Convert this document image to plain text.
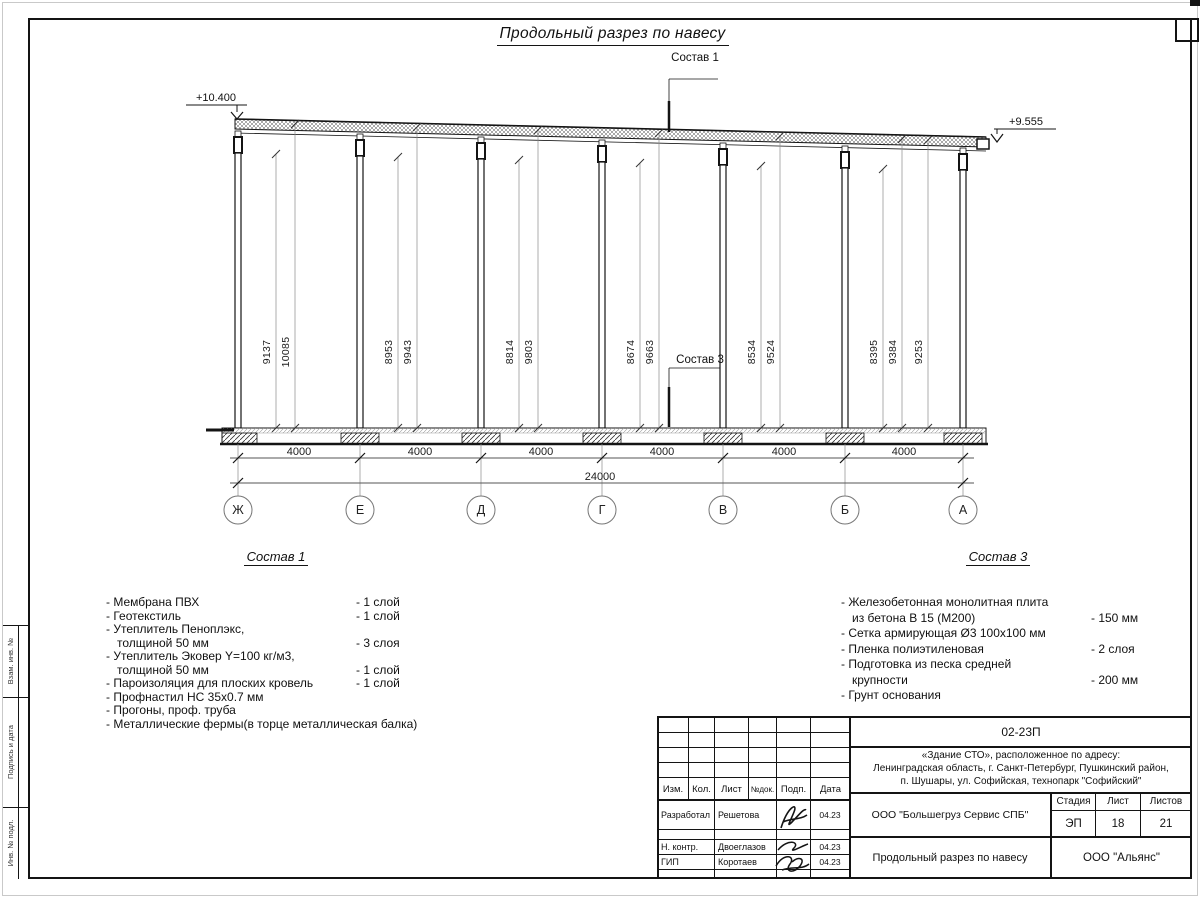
Продольный разрез по навесу
Состав 1
Состав 3
+10.400
+9.555
9137 10085	8953 9943	8814 9803	8674 9663	8534 9524	8395 9384 9253
4000	4000	4000	4000	4000	4000
24000
Ж	Е	Д	Г	В	Б	А
Состав 1
- Мембрана ПВХ	- 1 слой
- Геотекстиль	- 1 слой
- Утеплитель Пеноплэкс,
толщиной 50 мм	- 3 слоя
- Утеплитель Эковер Y=100 кг/м3,
толщиной 50 мм	- 1 слой
- Пароизоляция для плоских кровель	- 1 слой
- Профнастил НС 35х0.7 мм
- Прогоны, проф. труба
- Металлические фермы(в торце металлическая балка)
Состав 3
- Железобетонная монолитная плита
из бетона В 15 (М200)	- 150 мм
- Сетка армирующая Ø3 100х100 мм
- Пленка полиэтиленовая	- 2 слоя
- Подготовка из песка средней
крупности	- 200 мм
- Грунт основания
Взам. инв. №
Подпись и дата
Инв. № подл.
Изм. Кол.	Лист	№док. Подп.	Дата
Разработал Решетова	04.23
Н. контр.	Двоеглазов	04.23
ГИП	Коротаев	04.23
02-23П
«Здание СТО», расположенное по адресу:
Ленинградская область, г. Санкт-Петербург, Пушкинский район,
п. Шушары, ул. Софийская, технопарк "Софийский"
ООО "Большегруз Сервис СПБ"
Стадия	Лист	Листов
ЭП	18	21
Продольный разрез по навесу	ООО "Альянс"
